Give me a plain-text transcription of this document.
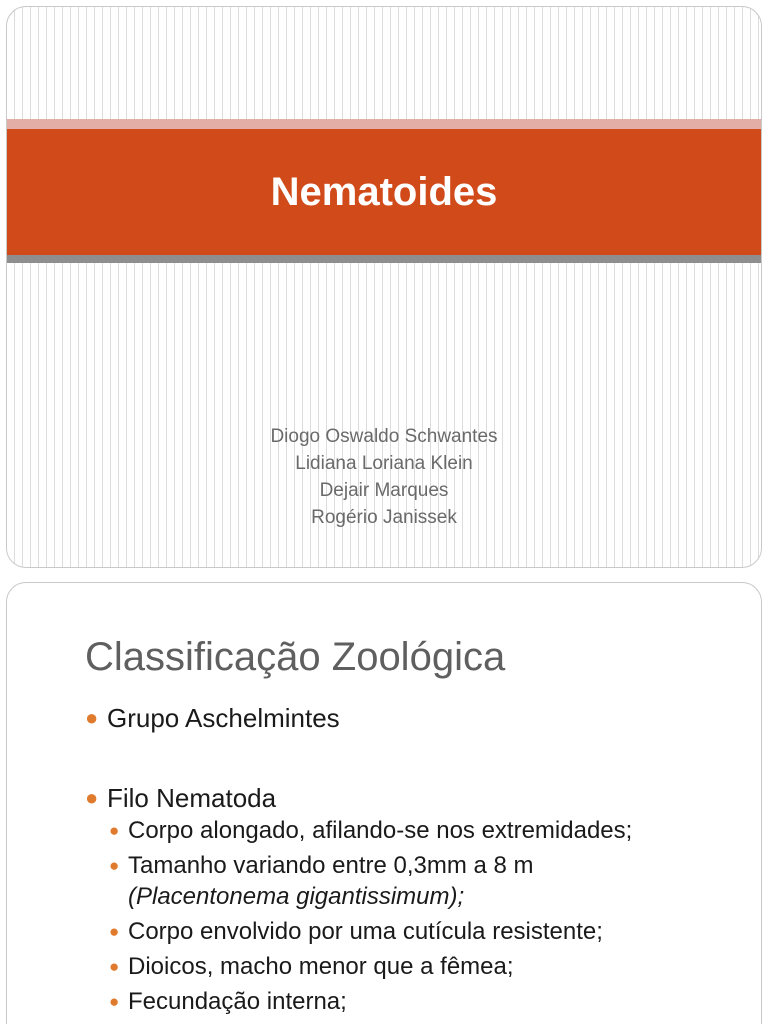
Nematoides
Diogo Oswaldo Schwantes
Lidiana Loriana Klein
Dejair Marques
Rogério Janissek
Classificação Zoológica
● Grupo Aschelmintes
● Filo Nematoda
● Corpo alongado, afilando-se nos extremidades;
● Tamanho variando entre 0,3mm a 8 m
(Placentonema gigantissimum);
● Corpo envolvido por uma cutícula resistente;
● Dioicos, macho menor que a fêmea;
● Fecundação interna;
